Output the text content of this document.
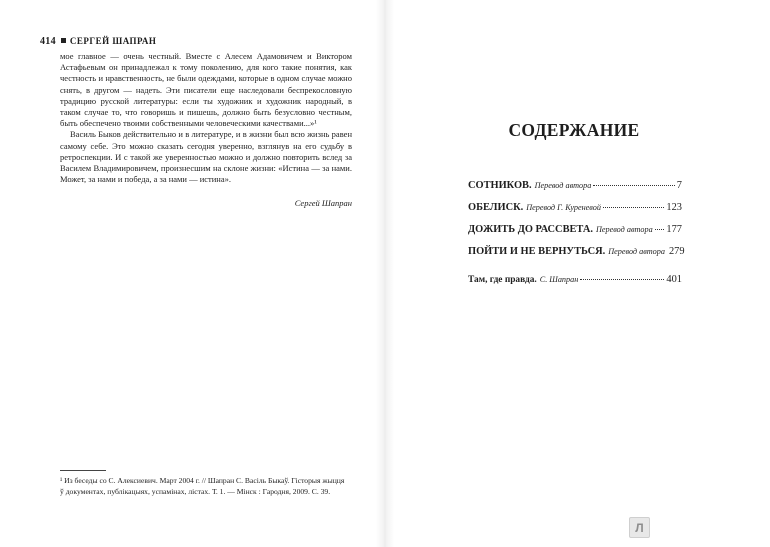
414 СЕРГЕЙ ШАПРАН

мое главное — очень честный. Вместе с Алесем Адамовичем и Виктором Астафьевым он принадлежал к тому поколению, для кого такие понятия, как честность и нравственность, не были одеждами, которые в одном случае можно снять, в другом — надеть. Эти писатели еще наследовали беспрекословную традицию русской литературы: если ты художник и художник народный, в таком случае то, что говоришь и пишешь, должно быть безусловно честным, быть обеспечено твоими собственными человеческими качествами...»¹

Василь Быков действительно и в литературе, и в жизни был всю жизнь равен самому себе. Это можно сказать сегодня уверенно, взглянув на его судьбу в ретроспекции. И с такой же уверенностью можно и должно повторить вслед за Василем Владимировичем, произнесшим на склоне жизни: «Истина — за нами. Может, за нами и победа, а за нами — истина».

Сергей Шапран

¹ Из беседы со С. Алексиевич. Март 2004 г. // Шапран С. Васіль Быкаў. Гісторыя жыцця

ў документах, публікацыях, успамінах, лістах. Т. 1. — Мінск : Гародня, 2009. С. 39.

СОДЕРЖАНИЕ
СОТНИКОВ. Перевод автора	7
ОБЕЛИСК. Перевод Г. Куреневой	123
ДОЖИТЬ ДО РАССВЕТА. Перевод автора 177
ПОЙТИ И НЕ ВЕРНУТЬСЯ. Перевод автора 279
Там, где правда. С. Шапран	401
Л
